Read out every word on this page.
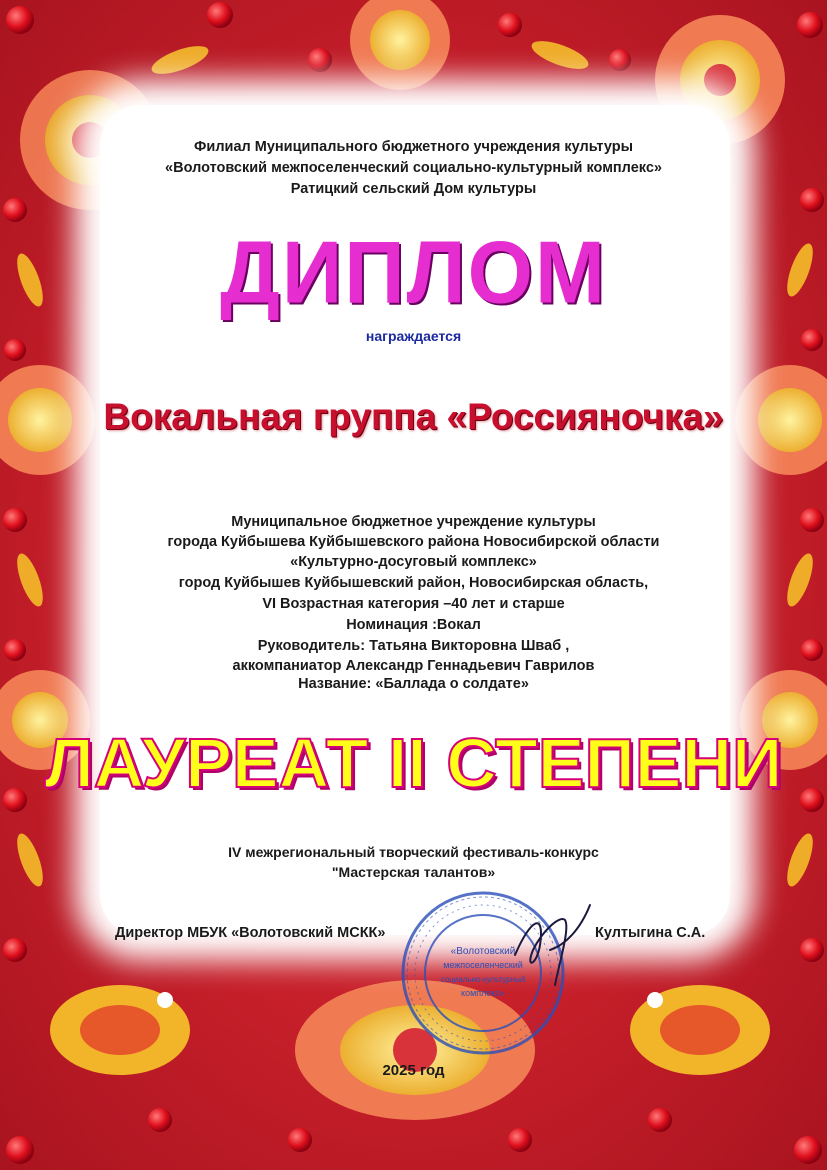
Филиал Муниципального бюджетного учреждения культуры

«Волотовский межпоселенческий социально-культурный комплекс»

Ратицкий сельский Дом культуры

ДИПЛОМ

награждается

Вокальная группа «Россияночка»

Муниципальное бюджетное учреждение культуры

города Куйбышева Куйбышевского района Новосибирской области

«Культурно-досуговый комплекс»

город Куйбышев Куйбышевский район, Новосибирская область,

VI Возрастная категория –40 лет и старше

Номинация :Вокал

Руководитель: Татьяна Викторовна Шваб ,

аккомпаниатор Александр Геннадьевич Гаврилов

Название: «Баллада о солдате»

ЛАУРЕАТ II СТЕПЕНИ

IV межрегиональный творческий фестиваль-конкурс

"Мастерская талантов»

«Волотовский
межпоселенческий
социально-культурный
комплекс»
Директор МБУК «Волотовский МСКК»	Култыгина С.А.

2025 год
